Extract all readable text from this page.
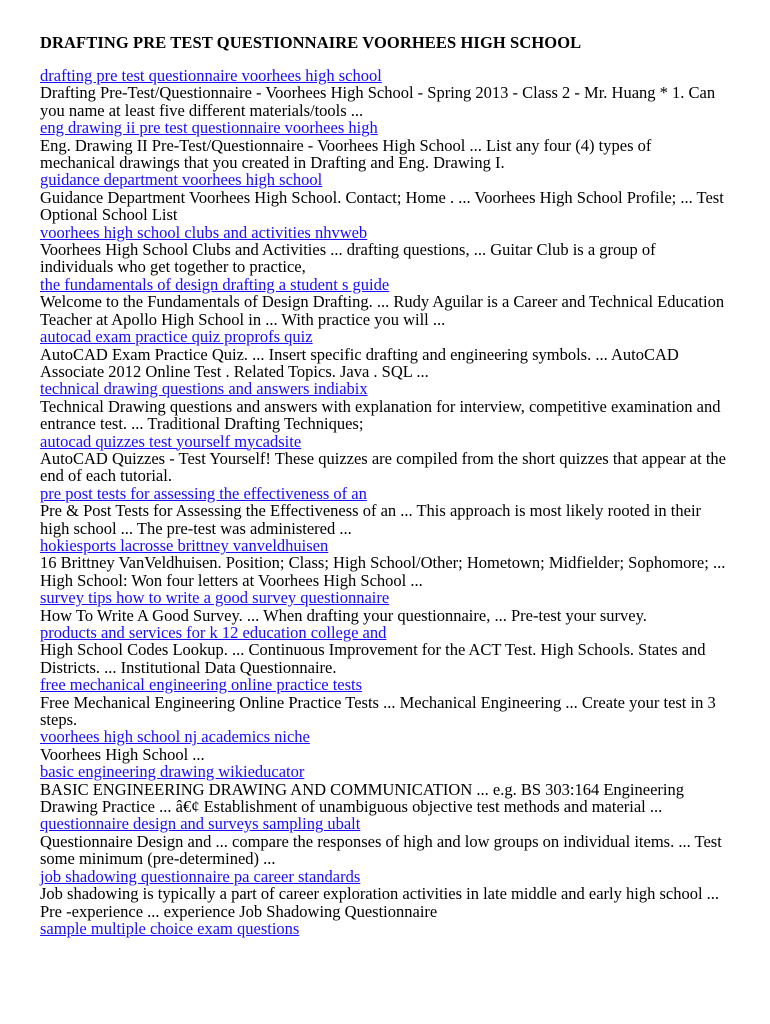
DRAFTING PRE TEST QUESTIONNAIRE VOORHEES HIGH SCHOOL
drafting pre test questionnaire voorhees high school
Drafting Pre-Test/Questionnaire - Voorhees High School - Spring 2013 - Class 2 - Mr. Huang * 1. Can you name at least five different materials/tools ...
eng drawing ii pre test questionnaire voorhees high
Eng. Drawing II Pre-Test/Questionnaire - Voorhees High School ... List any four (4) types of mechanical drawings that you created in Drafting and Eng. Drawing I.
guidance department voorhees high school
Guidance Department Voorhees High School. Contact; Home . ... Voorhees High School Profile; ... Test Optional School List
voorhees high school clubs and activities nhvweb
Voorhees High School Clubs and Activities ... drafting questions, ... Guitar Club is a group of individuals who get together to practice,
the fundamentals of design drafting a student s guide
Welcome to the Fundamentals of Design Drafting. ... Rudy Aguilar is a Career and Technical Education Teacher at Apollo High School in ... With practice you will ...
autocad exam practice quiz proprofs quiz
AutoCAD Exam Practice Quiz. ... Insert specific drafting and engineering symbols. ... AutoCAD Associate 2012 Online Test . Related Topics. Java . SQL ...
technical drawing questions and answers indiabix
Technical Drawing questions and answers with explanation for interview, competitive examination and entrance test. ... Traditional Drafting Techniques;
autocad quizzes test yourself mycadsite
AutoCAD Quizzes - Test Yourself! These quizzes are compiled from the short quizzes that appear at the end of each tutorial.
pre post tests for assessing the effectiveness of an
Pre & Post Tests for Assessing the Effectiveness of an ... This approach is most likely rooted in their high school ... The pre-test was administered ...
hokiesports lacrosse brittney vanveldhuisen
16 Brittney VanVeldhuisen. Position; Class; High School/Other; Hometown; Midfielder; Sophomore; ... High School: Won four letters at Voorhees High School ...
survey tips how to write a good survey questionnaire
How To Write A Good Survey. ... When drafting your questionnaire, ... Pre-test your survey.
products and services for k 12 education college and
High School Codes Lookup. ... Continuous Improvement for the ACT Test. High Schools. States and Districts. ... Institutional Data Questionnaire.
free mechanical engineering online practice tests
Free Mechanical Engineering Online Practice Tests ... Mechanical Engineering ... Create your test in 3 steps.
voorhees high school nj academics niche
Voorhees High School ...
basic engineering drawing wikieducator
BASIC ENGINEERING DRAWING AND COMMUNICATION ... e.g. BS 303:164 Engineering Drawing Practice ... â€¢ Establishment of unambiguous objective test methods and material ...
questionnaire design and surveys sampling ubalt
Questionnaire Design and ... compare the responses of high and low groups on individual items. ... Test some minimum (pre-determined) ...
job shadowing questionnaire pa career standards
Job shadowing is typically a part of career exploration activities in late middle and early high school ... Pre -experience ... experience Job Shadowing Questionnaire
sample multiple choice exam questions
